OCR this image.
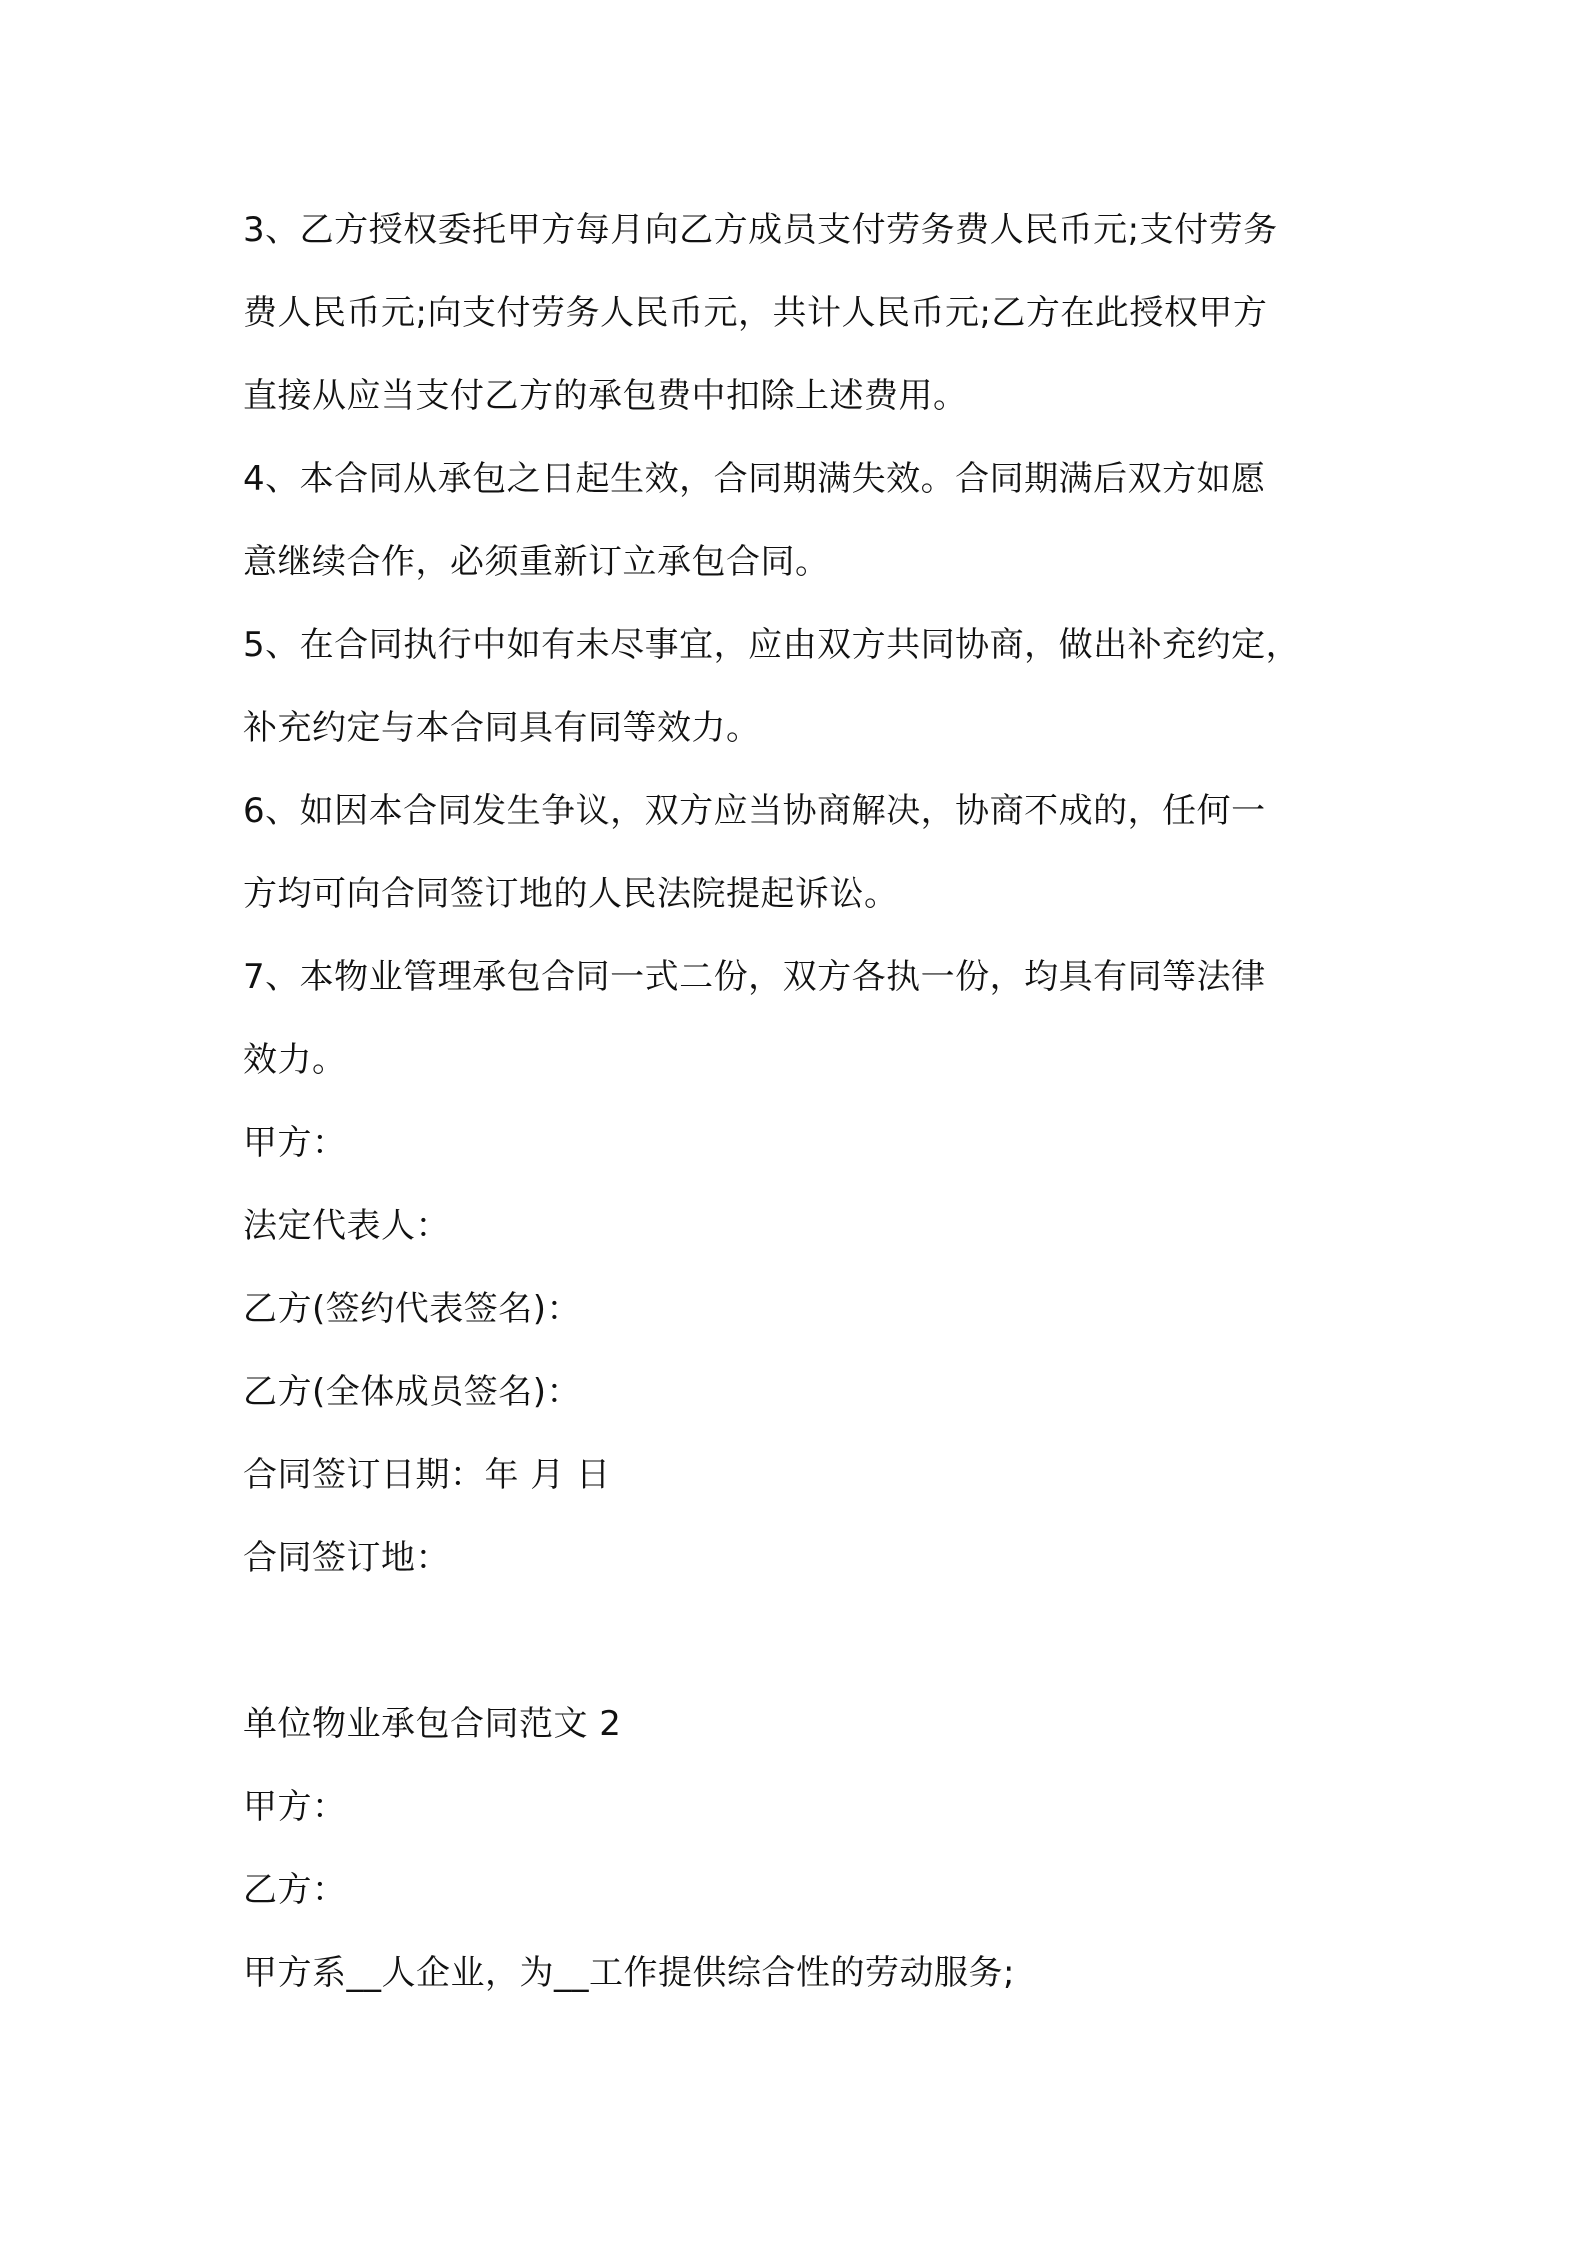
3、乙方授权委托甲方每月向乙方成员支付劳务费人民币元;支付劳务
费人民币元;向支付劳务人民币元，共计人民币元;乙方在此授权甲方
直接从应当支付乙方的承包费中扣除上述费用。
4、本合同从承包之日起生效，合同期满失效。合同期满后双方如愿
意继续合作，必须重新订立承包合同。
5、在合同执行中如有未尽事宜，应由双方共同协商，做出补充约定，
补充约定与本合同具有同等效力。
6、如因本合同发生争议，双方应当协商解决，协商不成的，任何一
方均可向合同签订地的人民法院提起诉讼。
7、本物业管理承包合同一式二份，双方各执一份，均具有同等法律
效力。
甲方：
法定代表人：
乙方(签约代表签名)：
乙方(全体成员签名)：
合同签订日期：年 月 日
合同签订地：
单位物业承包合同范文 2
甲方：
乙方：
甲方系__人企业，为__工作提供综合性的劳动服务;
